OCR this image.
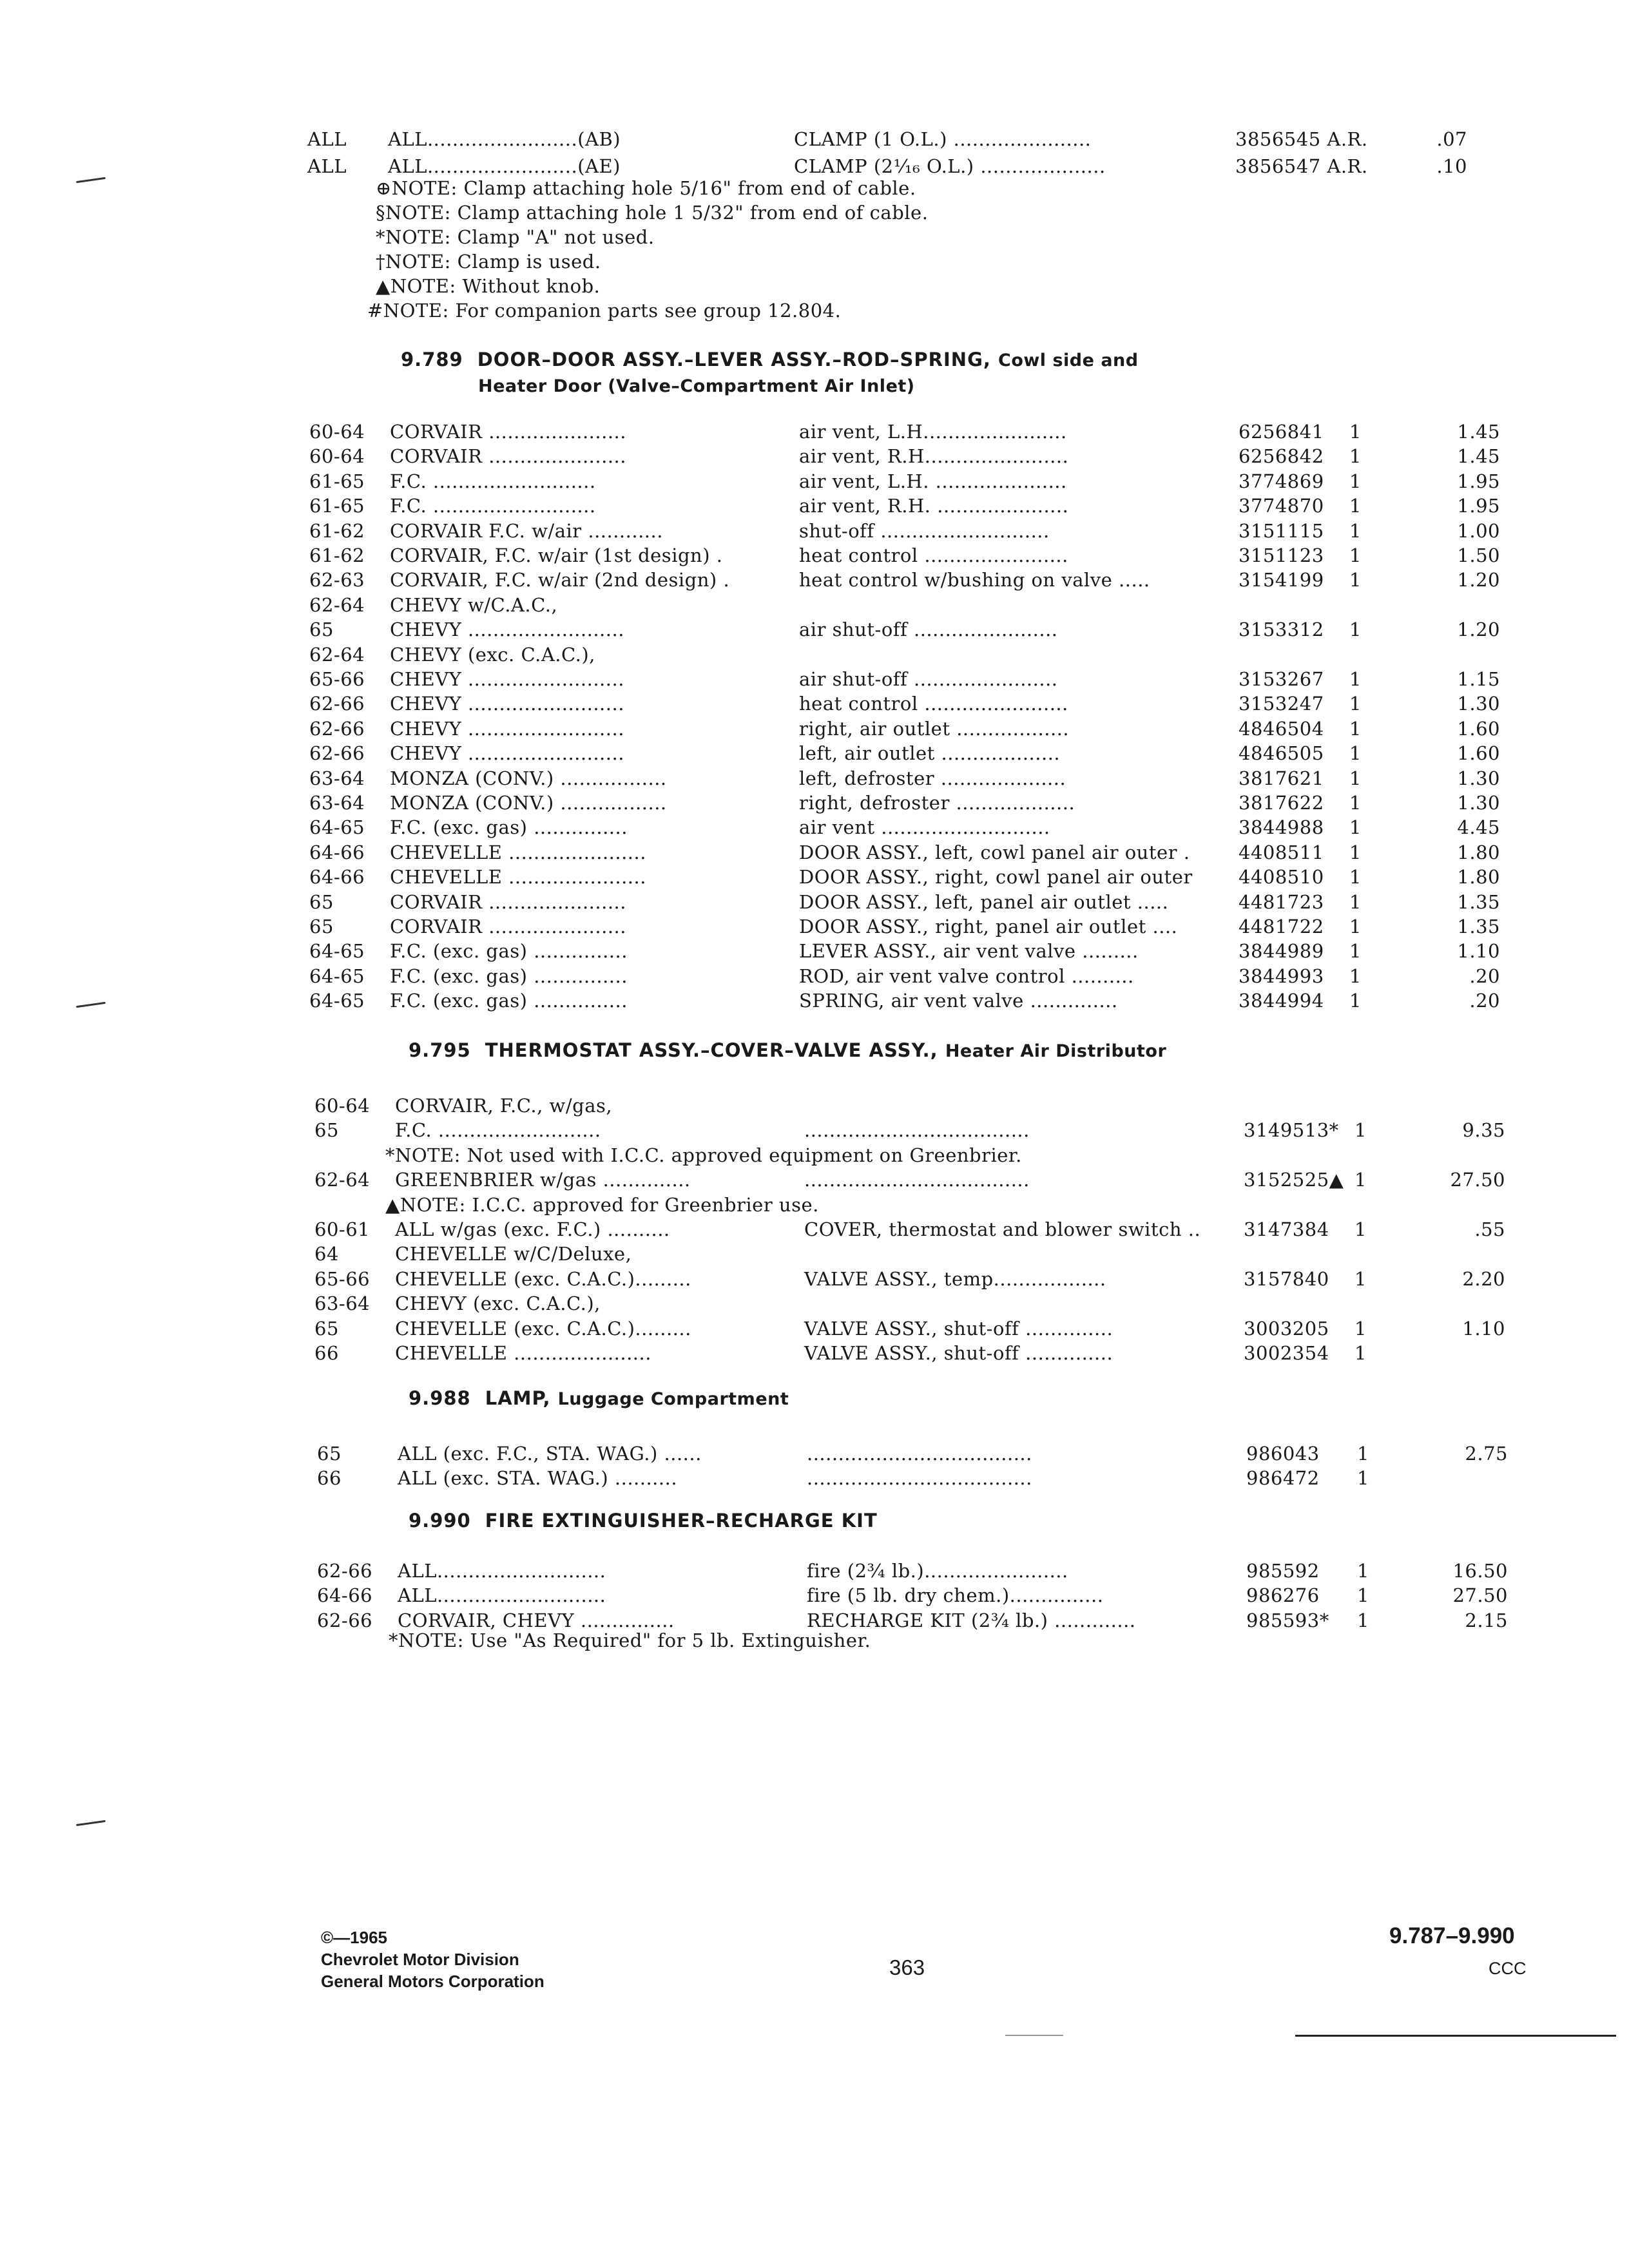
ALL ALL........................(AB)	CLAMP (1 O.L.) ......................	3856545 A.R.	.07
ALL ALL........................(AE)	CLAMP (2¹⁄₁₆ O.L.) ....................	3856547 A.R.	.10
⊕NOTE: Clamp attaching hole 5/16" from end of cable.
§NOTE: Clamp attaching hole 1 5/32" from end of cable.
*NOTE: Clamp "A" not used.
†NOTE: Clamp is used.
▲NOTE: Without knob.
#NOTE: For companion parts see group 12.804.
9.789 DOOR–DOOR ASSY.–LEVER ASSY.–ROD–SPRING, Cowl side and
Heater Door (Valve–Compartment Air Inlet)
60-64 CORVAIR ......................	air vent, L.H.......................	6256841 1	1.45
60-64 CORVAIR ......................	air vent, R.H.......................	6256842 1	1.45
61-65 F.C. ..........................	air vent, L.H. .....................	3774869 1	1.95
61-65 F.C. ..........................	air vent, R.H. .....................	3774870 1	1.95
61-62 CORVAIR F.C. w/air ............	shut-off ...........................	3151115 1	1.00
61-62 CORVAIR, F.C. w/air (1st design) .	heat control .......................	3151123 1	1.50
62-63 CORVAIR, F.C. w/air (2nd design) .	heat control w/bushing on valve .....	3154199 1	1.20
62-64 CHEVY w/C.A.C.,
65	CHEVY .........................	air shut-off .......................	3153312 1	1.20
62-64 CHEVY (exc. C.A.C.),
65-66 CHEVY .........................	air shut-off .......................	3153267 1	1.15
62-66 CHEVY .........................	heat control .......................	3153247 1	1.30
62-66 CHEVY .........................	right, air outlet ..................	4846504 1	1.60
62-66 CHEVY .........................	left, air outlet ...................	4846505 1	1.60
63-64 MONZA (CONV.) .................	left, defroster ....................	3817621 1	1.30
63-64 MONZA (CONV.) .................	right, defroster ...................	3817622 1	1.30
64-65 F.C. (exc. gas) ...............	air vent ...........................	3844988 1	4.45
64-66 CHEVELLE ......................	DOOR ASSY., left, cowl panel air outer .	4408511 1	1.80
64-66 CHEVELLE ......................	DOOR ASSY., right, cowl panel air outer 4408510 1	1.80
65	CORVAIR ......................	DOOR ASSY., left, panel air outlet .....	4481723 1	1.35
65	CORVAIR ......................	DOOR ASSY., right, panel air outlet ....	4481722 1	1.35
64-65 F.C. (exc. gas) ...............	LEVER ASSY., air vent valve .........	3844989 1	1.10
64-65 F.C. (exc. gas) ...............	ROD, air vent valve control ..........	3844993 1	.20
64-65 F.C. (exc. gas) ...............	SPRING, air vent valve ..............	3844994 1	.20
9.795 THERMOSTAT ASSY.–COVER–VALVE ASSY., Heater Air Distributor
60-64 CORVAIR, F.C., w/gas,
65	F.C. ..........................	....................................	3149513* 1	9.35
*NOTE: Not used with I.C.C. approved equipment on Greenbrier.
62-64 GREENBRIER w/gas ..............	....................................	3152525▲ 1	27.50
▲NOTE: I.C.C. approved for Greenbrier use.
60-61 ALL w/gas (exc. F.C.) ..........	COVER, thermostat and blower switch .. 3147384 1	.55
64	CHEVELLE w/C/Deluxe,
65-66 CHEVELLE (exc. C.A.C.).........	VALVE ASSY., temp..................	3157840 1	2.20
63-64 CHEVY (exc. C.A.C.),
65	CHEVELLE (exc. C.A.C.).........	VALVE ASSY., shut-off ..............	3003205 1	1.10
66	CHEVELLE ......................	VALVE ASSY., shut-off ..............	3002354 1
9.988 LAMP, Luggage Compartment
65	ALL (exc. F.C., STA. WAG.) ......	....................................	986043 1	2.75
66	ALL (exc. STA. WAG.) ..........	....................................	986472 1
9.990 FIRE EXTINGUISHER–RECHARGE KIT
62-66 ALL...........................	fire (2¾ lb.).......................	985592 1	16.50
64-66 ALL...........................	fire (5 lb. dry chem.)...............	986276 1	27.50
62-66 CORVAIR, CHEVY ...............	RECHARGE KIT (2¾ lb.) .............	985593* 1	2.15
*NOTE: Use "As Required" for 5 lb. Extinguisher.
©—1965
Chevrolet Motor Division
General Motors Corporation
363
9.787–9.990
CCC
